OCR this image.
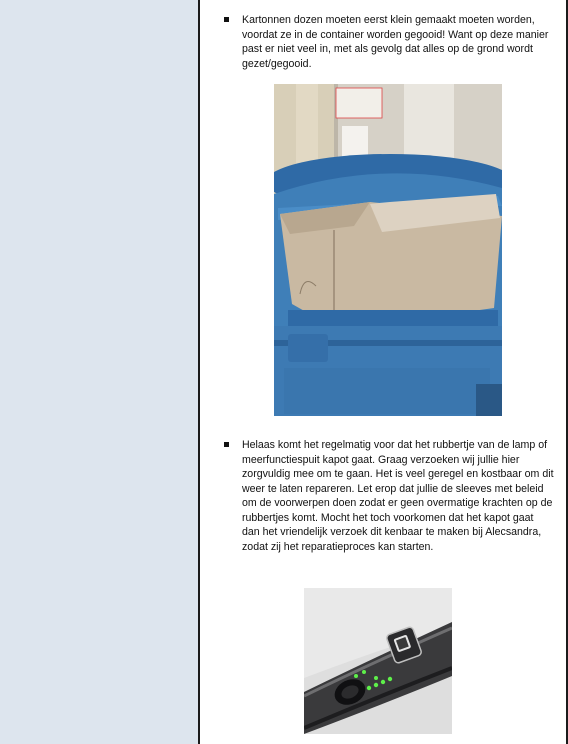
Kartonnen dozen moeten eerst klein gemaakt moeten worden, voordat ze in de container worden gegooid! Want op deze manier past er niet veel in, met als gevolg dat alles op de grond wordt gezet/gegooid.
Helaas komt het regelmatig voor dat het rubbertje van de lamp of meerfunctiespuit kapot gaat. Graag verzoeken wij jullie hier zorgvuldig mee om te gaan. Het is veel geregel en kostbaar om dit weer te laten repareren. Let erop dat jullie de sleeves met beleid om de voorwerpen doen zodat er geen overmatige krachten op de rubbertjes komt. Mocht het toch voorkomen dat het kapot gaat dan het vriendelijk verzoek dit kenbaar te maken bij Alecsandra, zodat zij het reparatieproces kan starten.
